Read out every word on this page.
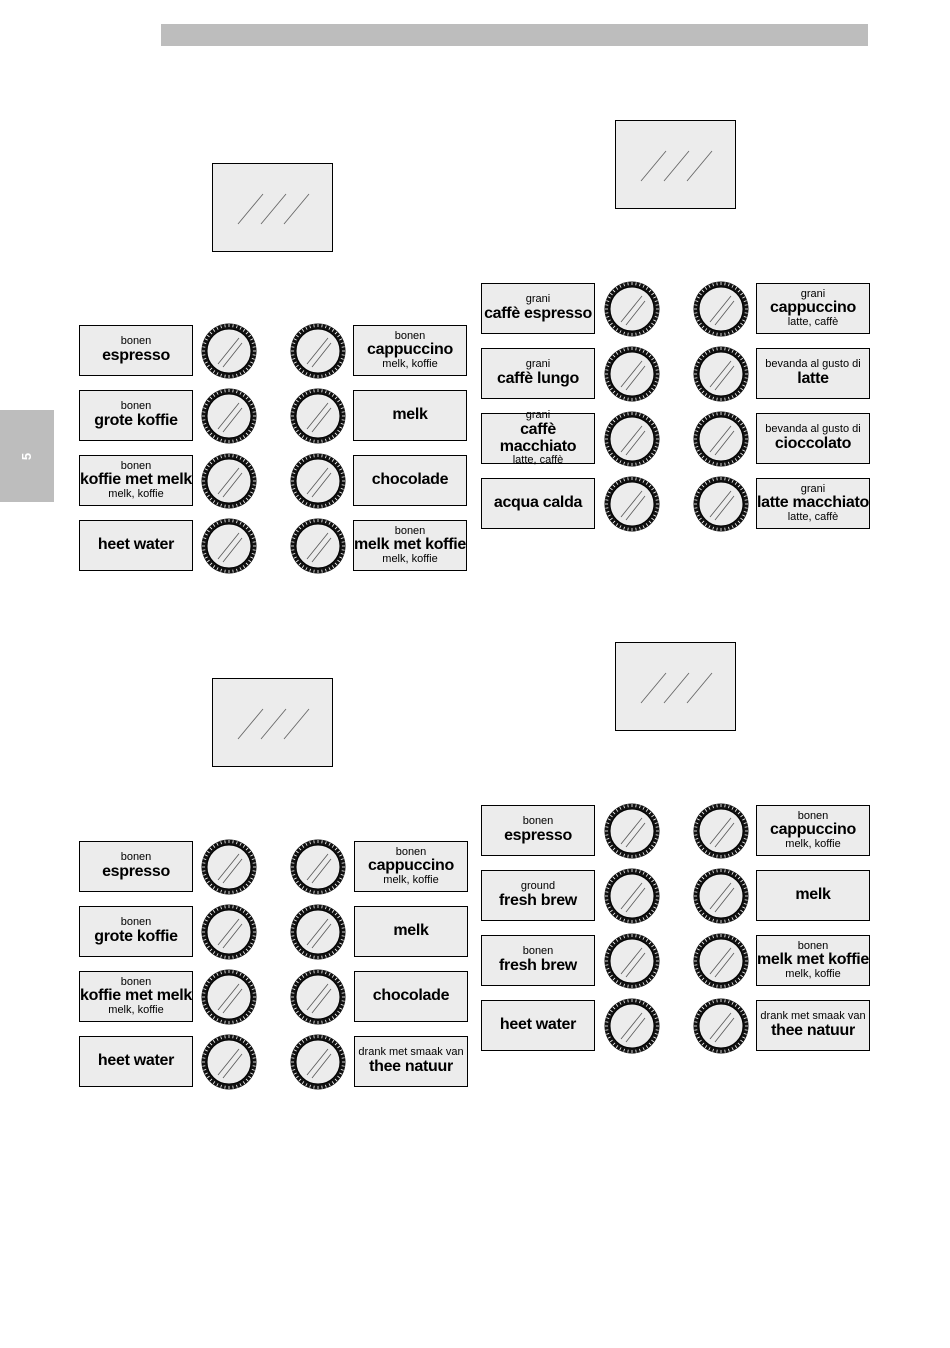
5
bonen
espresso
bonen
cappuccino
melk, koffie
bonen
grote koffie	melk
bonen
koffie met melk
melk, koffie
chocolade
heet water
bonen
melk met koffie
melk, koffie
grani
caffè espresso
grani
cappuccino
latte, caffè
grani
caffè lungo
bevanda al gusto di
latte
grani
caffè macchiato
latte, caffè
bevanda al gusto di
cioccolato
acqua calda
grani
latte macchiato
latte, caffè
bonen
espresso
bonen
cappuccino
melk, koffie
bonen
grote koffie	melk
bonen
koffie met melk
melk, koffie
chocolade
heet water	drank met smaak van
thee natuur
bonen
espresso
bonen
cappuccino
melk, koffie
ground
fresh brew	melk
bonen
fresh brew
bonen
melk met koffie
melk, koffie
heet water	drank met smaak van
thee natuur
